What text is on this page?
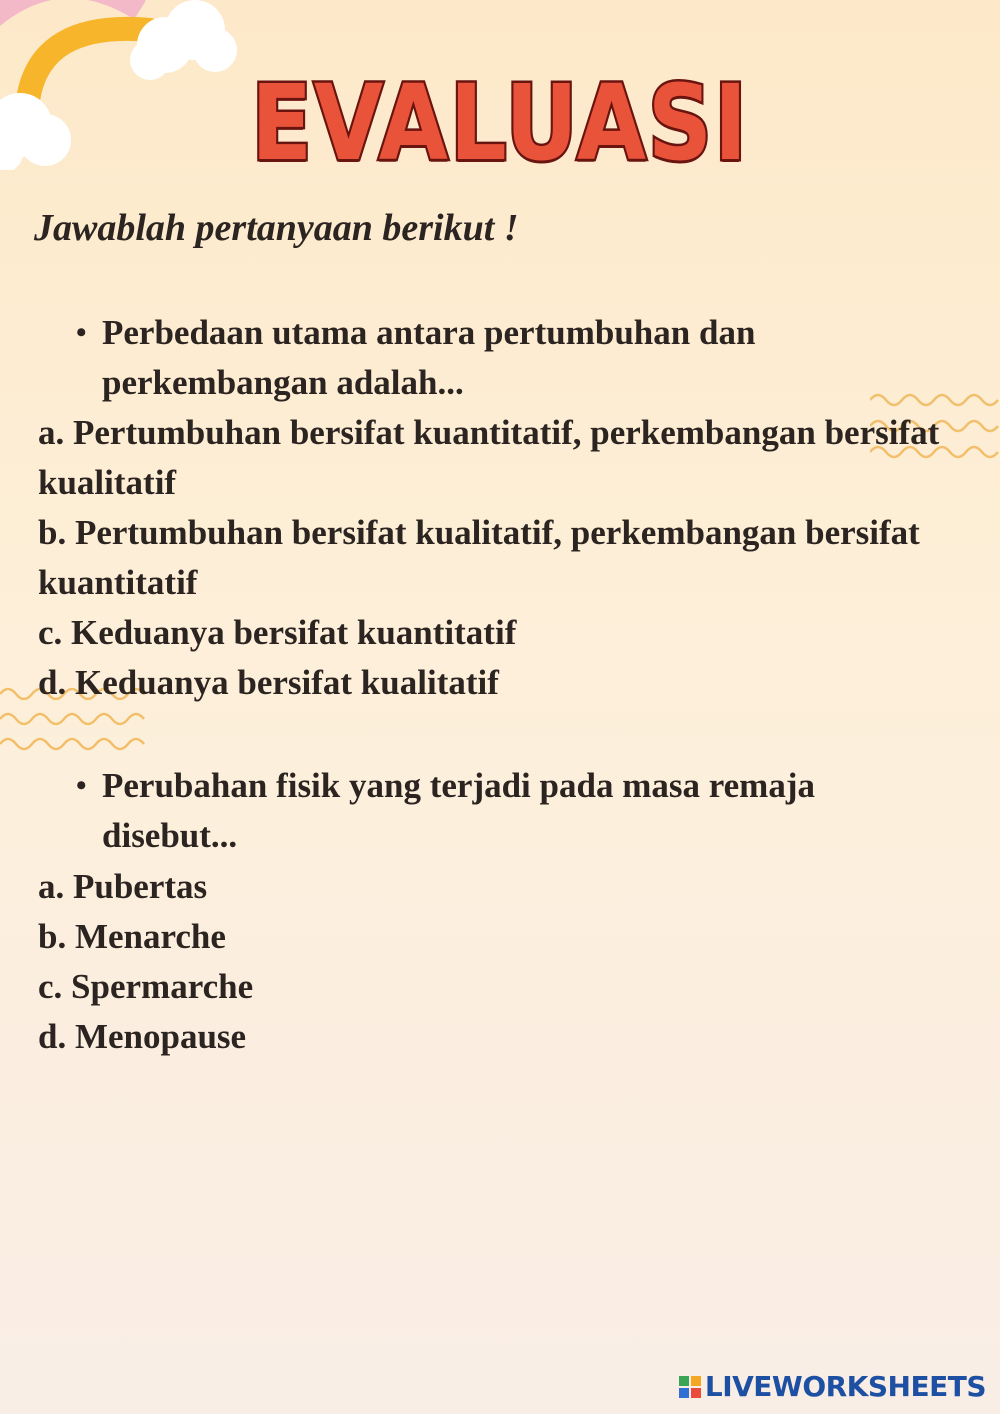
EVALUASI
Jawablah pertanyaan berikut !
• Perbedaan utama antara pertumbuhan dan perkembangan adalah...

a. Pertumbuhan bersifat kuantitatif, perkembangan bersifat kualitatif

b. Pertumbuhan bersifat kualitatif, perkembangan bersifat kuantitatif

c. Keduanya bersifat kuantitatif

d. Keduanya bersifat kualitatif

• Perubahan fisik yang terjadi pada masa remaja disebut...

a. Pubertas

b. Menarche

c. Spermarche

d. Menopause

LIVEWORKSHEETS
